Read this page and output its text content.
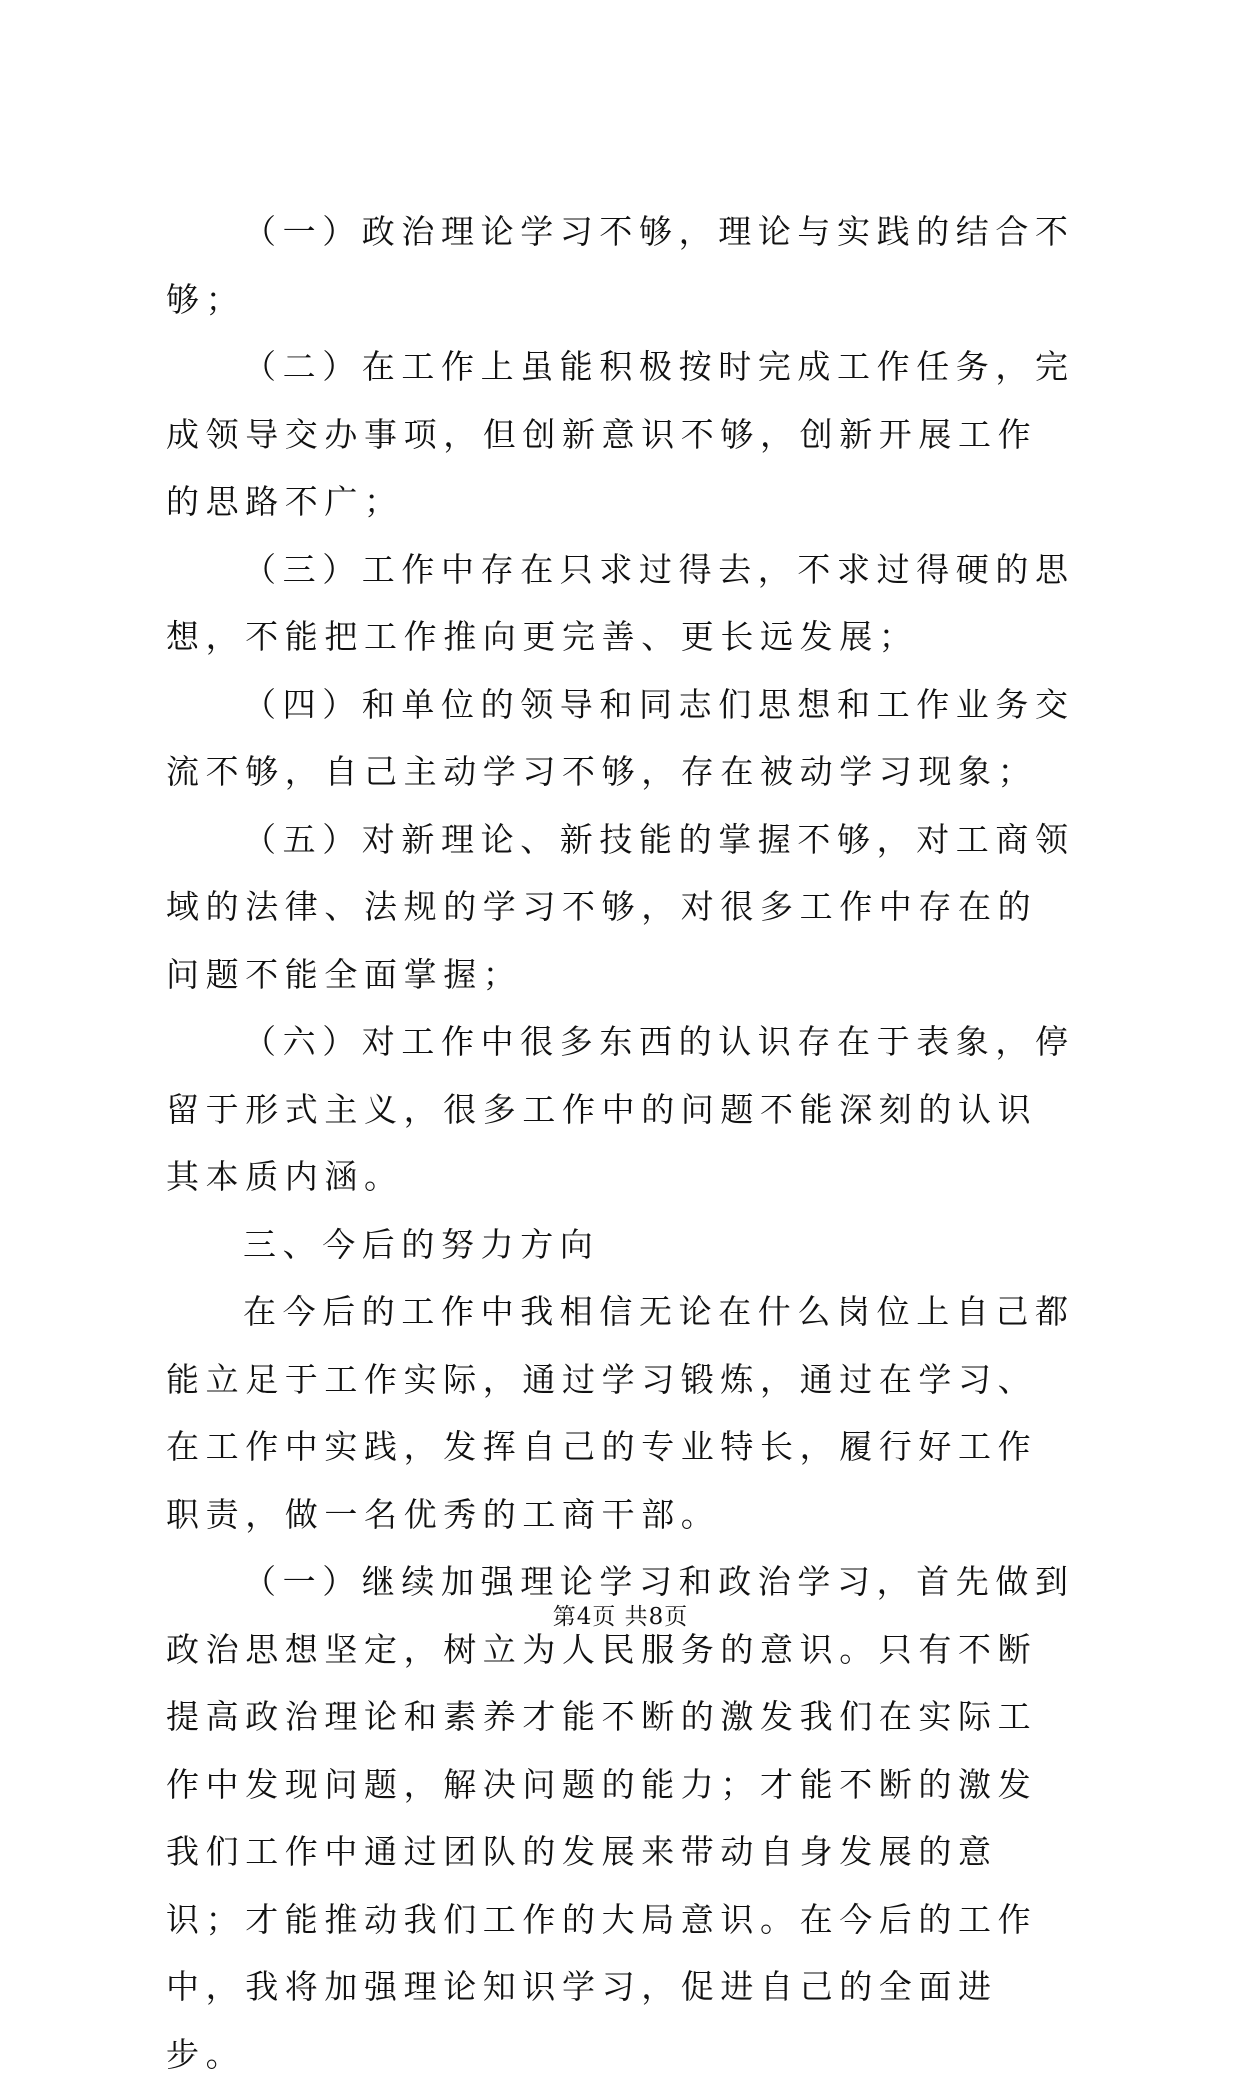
（一）政治理论学习不够，理论与实践的结合不够；

（二）在工作上虽能积极按时完成工作任务，完成领导交办事项，但创新意识不够，创新开展工作的思路不广；

（三）工作中存在只求过得去，不求过得硬的思想，不能把工作推向更完善、更长远发展；

（四）和单位的领导和同志们思想和工作业务交流不够，自己主动学习不够，存在被动学习现象；

（五）对新理论、新技能的掌握不够，对工商领域的法律、法规的学习不够，对很多工作中存在的问题不能全面掌握；

（六）对工作中很多东西的认识存在于表象，停留于形式主义，很多工作中的问题不能深刻的认识其本质内涵。

三、今后的努力方向

在今后的工作中我相信无论在什么岗位上自己都能立足于工作实际，通过学习锻炼，通过在学习、在工作中实践，发挥自己的专业特长，履行好工作职责，做一名优秀的工商干部。

（一）继续加强理论学习和政治学习，首先做到政治思想坚定，树立为人民服务的意识。只有不断提高政治理论和素养才能不断的激发我们在实际工作中发现问题，解决问题的能力；才能不断的激发我们工作中通过团队的发展来带动自身发展的意识；才能推动我们工作的大局意识。在今后的工作中，我将加强理论知识学习，促进自己的全面进步。

第4页 共8页
